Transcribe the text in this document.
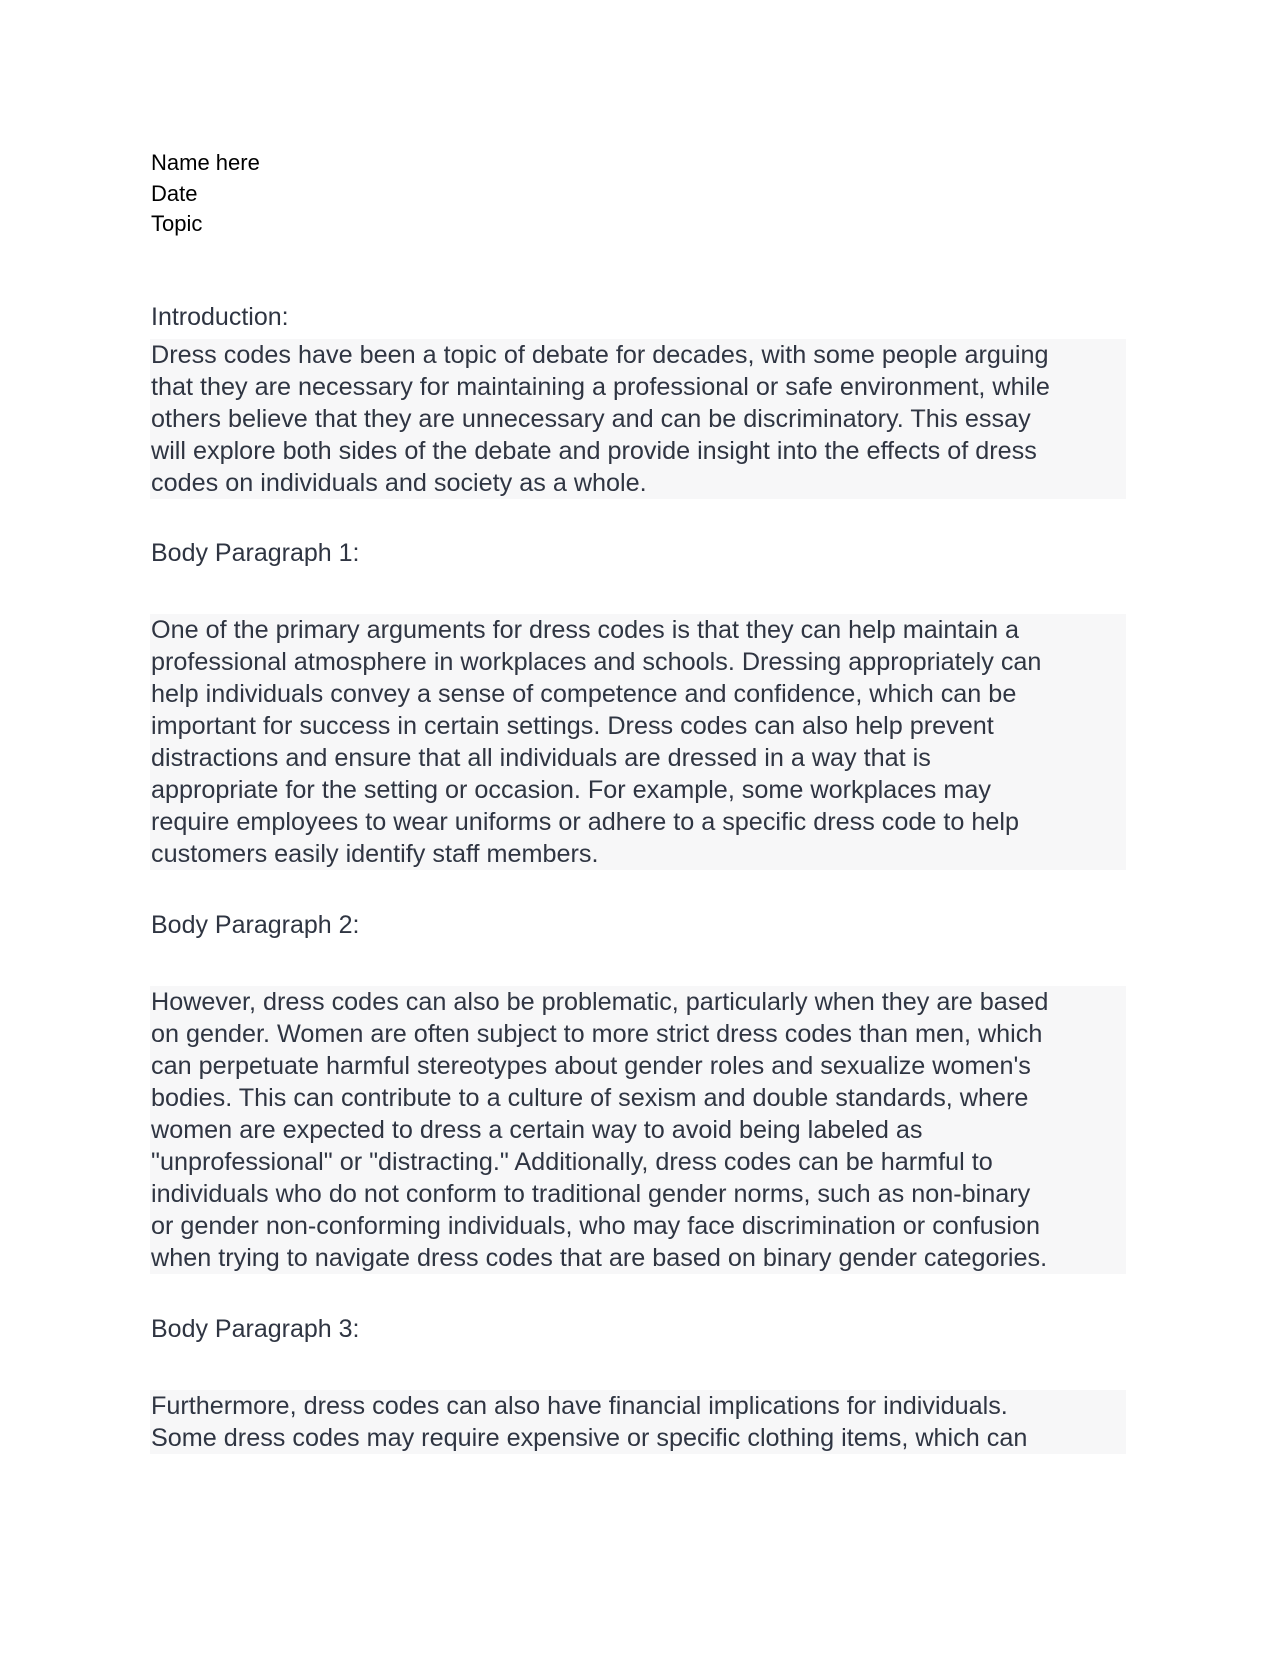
Name here
Date
Topic
Introduction:
Dress codes have been a topic of debate for decades, with some people arguing
that they are necessary for maintaining a professional or safe environment, while
others believe that they are unnecessary and can be discriminatory. This essay
will explore both sides of the debate and provide insight into the effects of dress
codes on individuals and society as a whole.
Body Paragraph 1:
One of the primary arguments for dress codes is that they can help maintain a
professional atmosphere in workplaces and schools. Dressing appropriately can
help individuals convey a sense of competence and confidence, which can be
important for success in certain settings. Dress codes can also help prevent
distractions and ensure that all individuals are dressed in a way that is
appropriate for the setting or occasion. For example, some workplaces may
require employees to wear uniforms or adhere to a specific dress code to help
customers easily identify staff members.
Body Paragraph 2:
However, dress codes can also be problematic, particularly when they are based
on gender. Women are often subject to more strict dress codes than men, which
can perpetuate harmful stereotypes about gender roles and sexualize women's
bodies. This can contribute to a culture of sexism and double standards, where
women are expected to dress a certain way to avoid being labeled as
"unprofessional" or "distracting." Additionally, dress codes can be harmful to
individuals who do not conform to traditional gender norms, such as non-binary
or gender non-conforming individuals, who may face discrimination or confusion
when trying to navigate dress codes that are based on binary gender categories.
Body Paragraph 3:
Furthermore, dress codes can also have financial implications for individuals.
Some dress codes may require expensive or specific clothing items, which can
